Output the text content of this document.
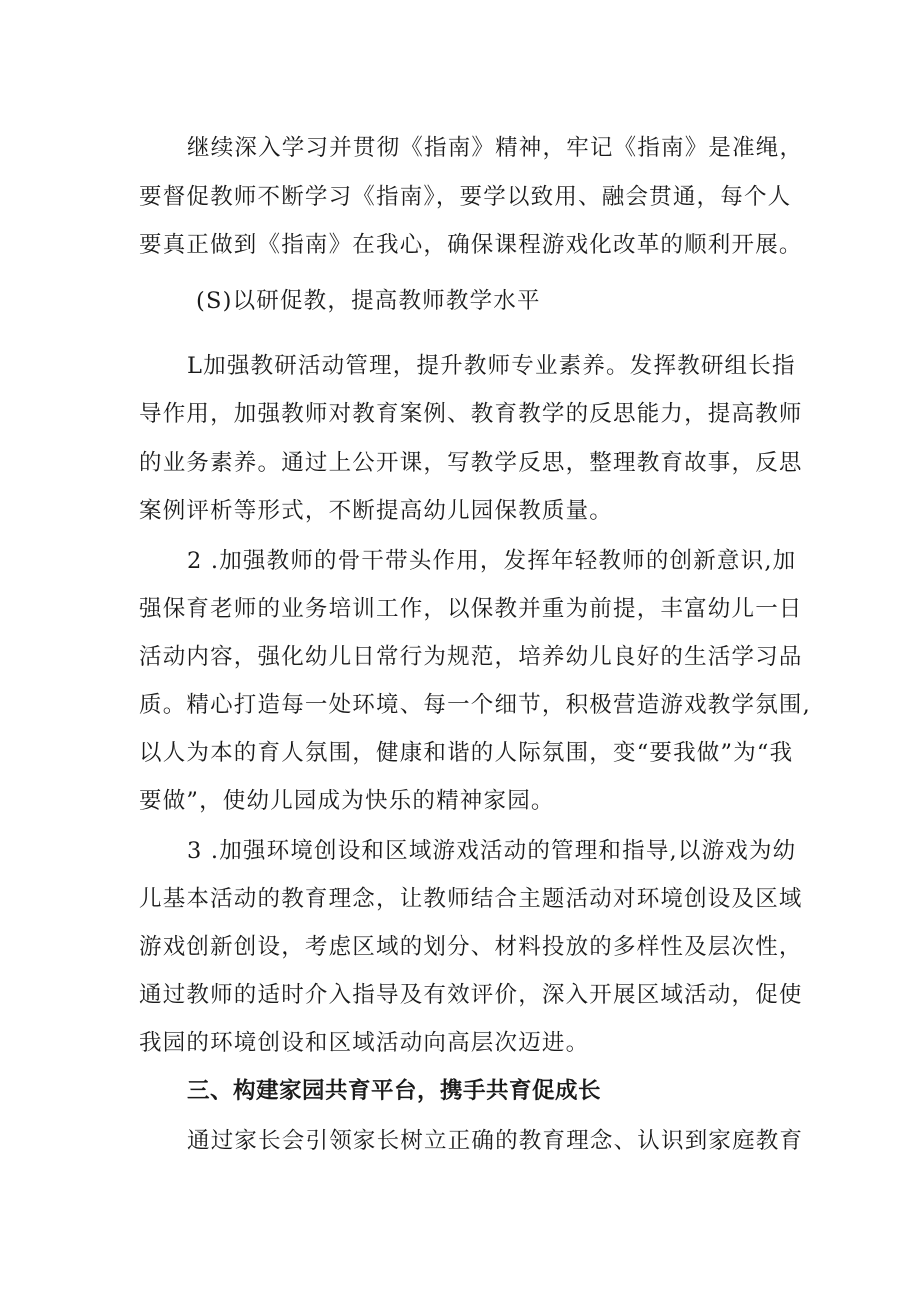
继续深入学习并贯彻《指南》精神，牢记《指南》是准绳，
要督促教师不断学习《指南》，要学以致用、融会贯通，每个人
要真正做到《指南》在我心，确保课程游戏化改革的顺利开展。
(S)以研促教，提高教师教学水平
L加强教研活动管理，提升教师专业素养。发挥教研组长指
导作用，加强教师对教育案例、教育教学的反思能力，提高教师
的业务素养。通过上公开课，写教学反思，整理教育故事，反思
案例评析等形式，不断提高幼儿园保教质量。
2 .加强教师的骨干带头作用，发挥年轻教师的创新意识,加
强保育老师的业务培训工作，以保教并重为前提，丰富幼儿一日
活动内容，强化幼儿日常行为规范，培养幼儿良好的生活学习品
质。精心打造每一处环境、每一个细节，积极营造游戏教学氛围,
以人为本的育人氛围，健康和谐的人际氛围，变“要我做”为“我
要做”，使幼儿园成为快乐的精神家园。
3 .加强环境创设和区域游戏活动的管理和指导,以游戏为幼
儿基本活动的教育理念，让教师结合主题活动对环境创设及区域
游戏创新创设，考虑区域的划分、材料投放的多样性及层次性，
通过教师的适时介入指导及有效评价，深入开展区域活动，促使
我园的环境创设和区域活动向高层次迈进。
三、构建家园共育平台，携手共育促成长
通过家长会引领家长树立正确的教育理念、认识到家庭教育
